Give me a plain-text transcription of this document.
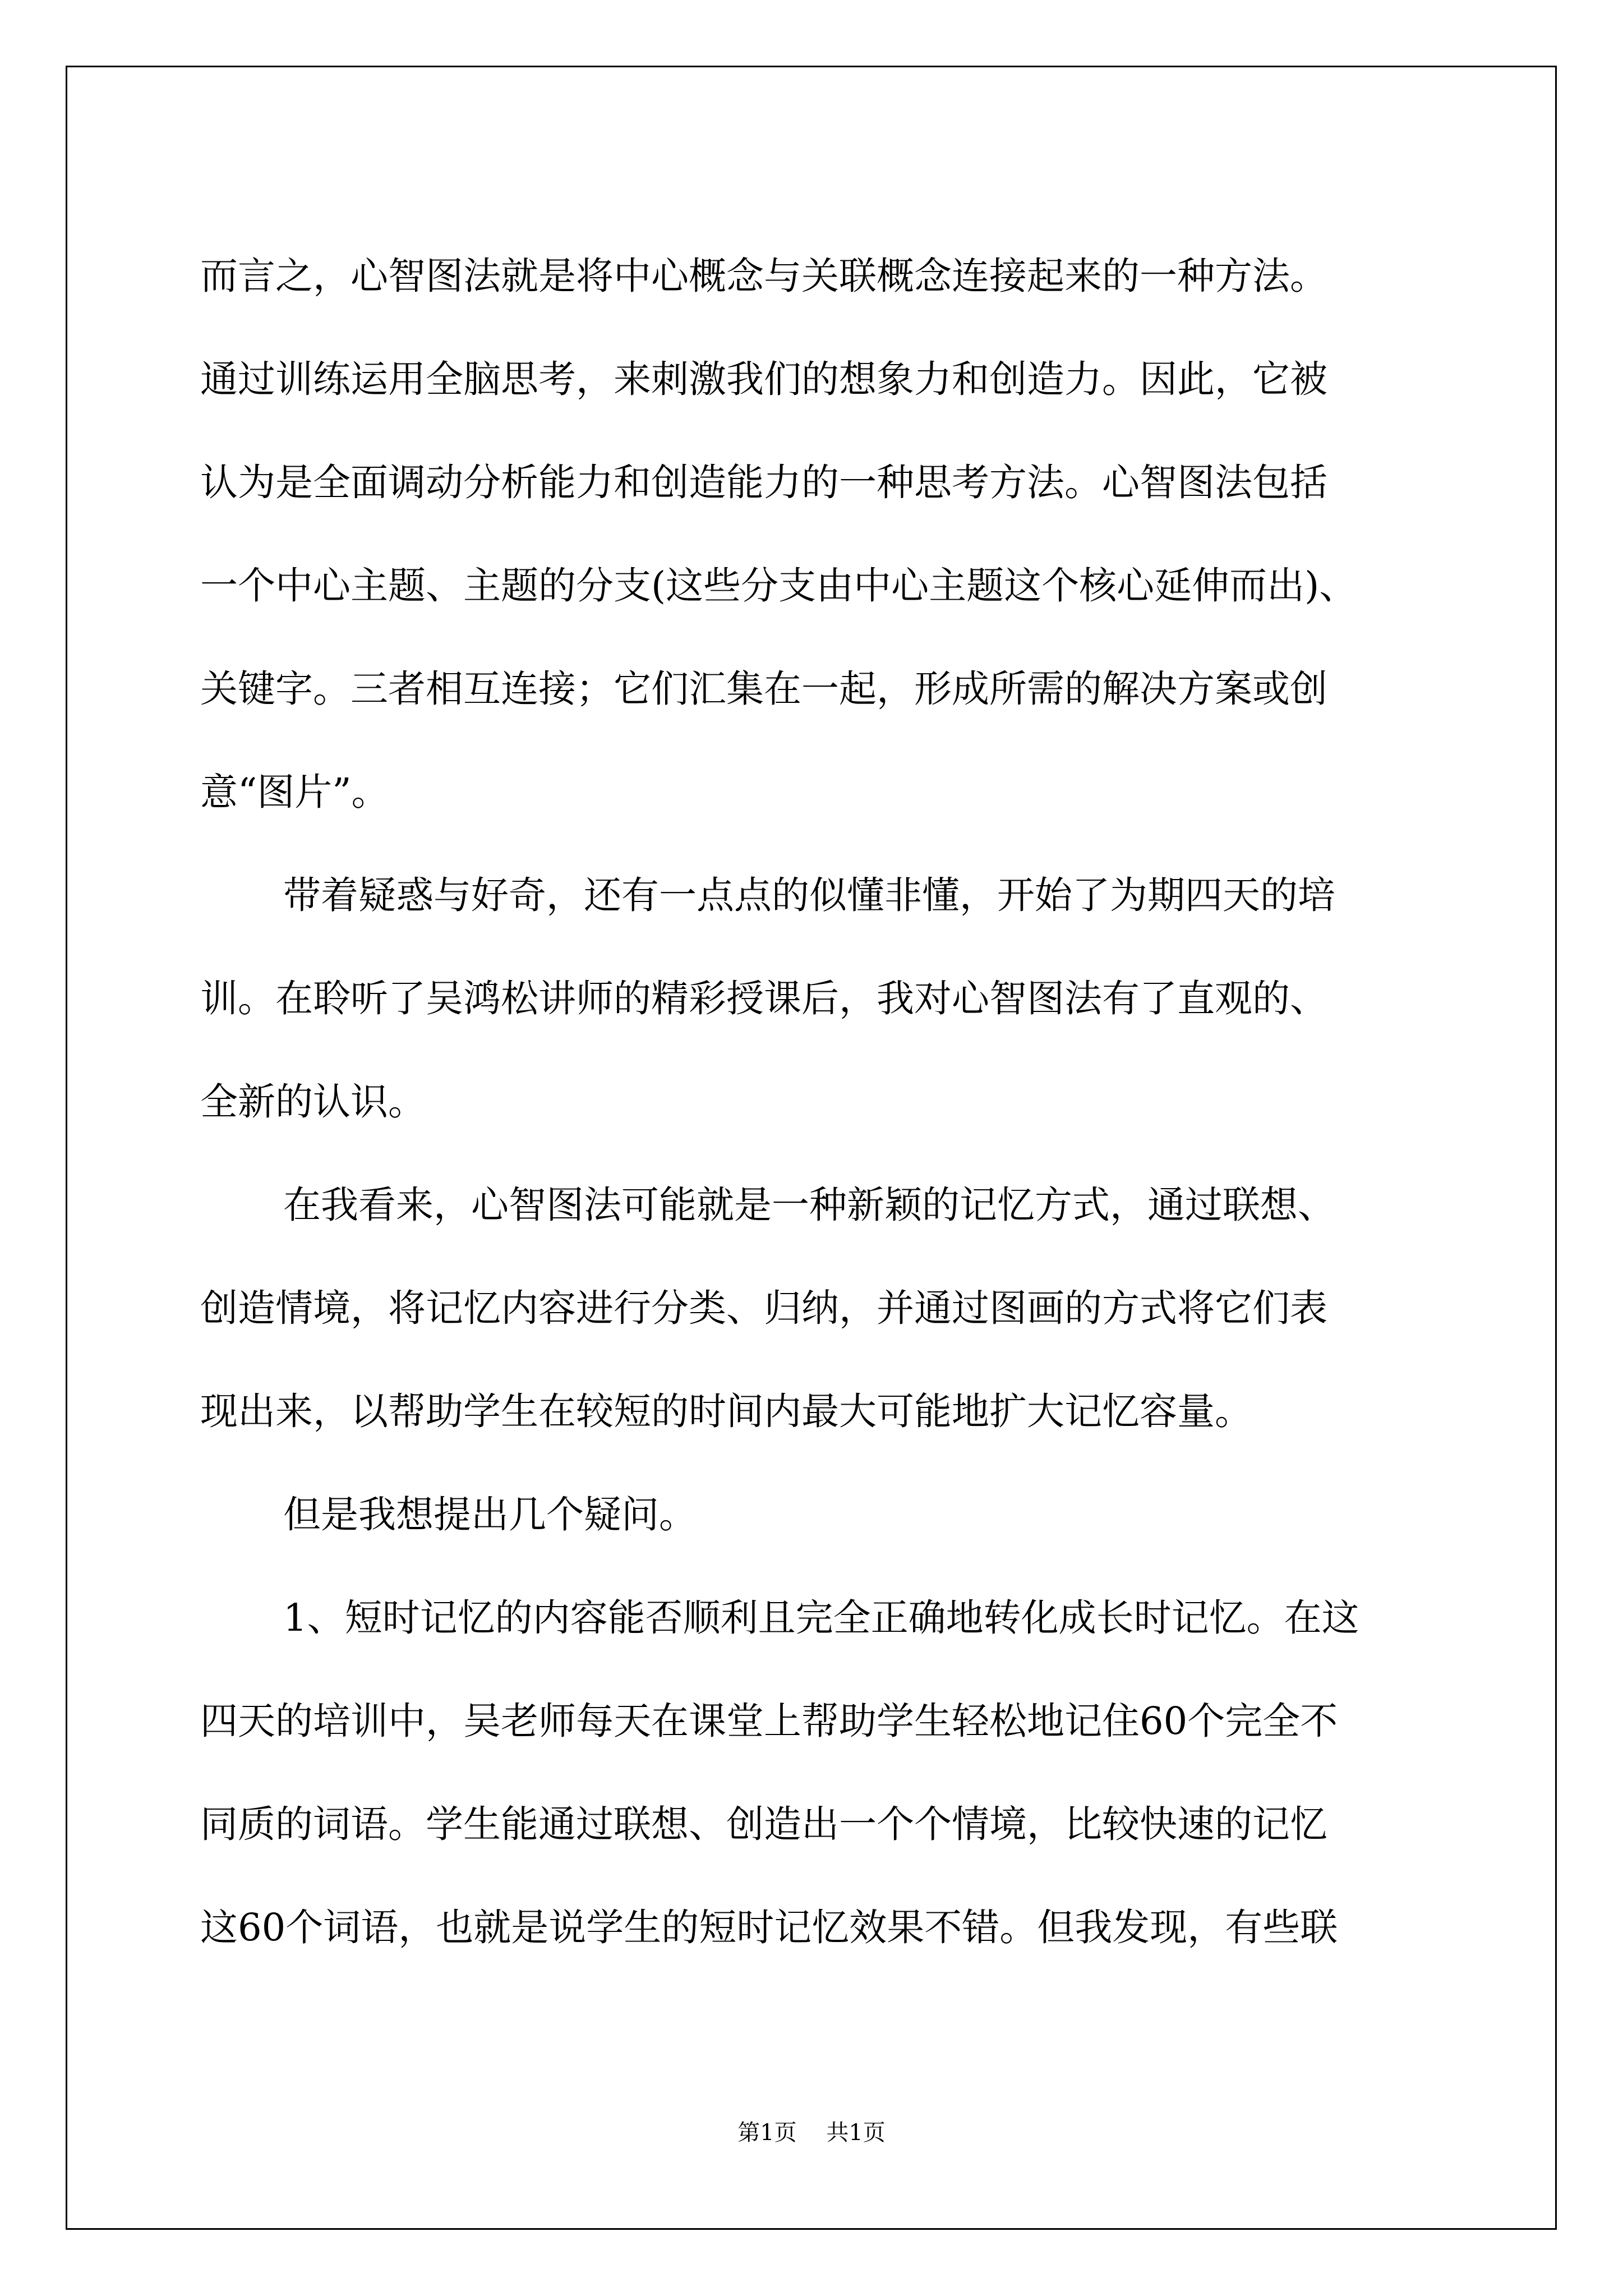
而言之，心智图法就是将中心概念与关联概念连接起来的一种方法。
通过训练运用全脑思考，来刺激我们的想象力和创造力。因此，它被
认为是全面调动分析能力和创造能力的一种思考方法。心智图法包括
一个中心主题、主题的分支(这些分支由中心主题这个核心延伸而出)、
关键字。三者相互连接；它们汇集在一起，形成所需的解决方案或创
意“图片”。
带着疑惑与好奇，还有一点点的似懂非懂，开始了为期四天的培
训。在聆听了吴鸿松讲师的精彩授课后，我对心智图法有了直观的、
全新的认识。
在我看来，心智图法可能就是一种新颖的记忆方式，通过联想、
创造情境，将记忆内容进行分类、归纳，并通过图画的方式将它们表
现出来，以帮助学生在较短的时间内最大可能地扩大记忆容量。
但是我想提出几个疑问。
1、短时记忆的内容能否顺利且完全正确地转化成长时记忆。在这
四天的培训中，吴老师每天在课堂上帮助学生轻松地记住60个完全不
同质的词语。学生能通过联想、创造出一个个情境，比较快速的记忆
这60个词语，也就是说学生的短时记忆效果不错。但我发现，有些联
第1页 共1页
